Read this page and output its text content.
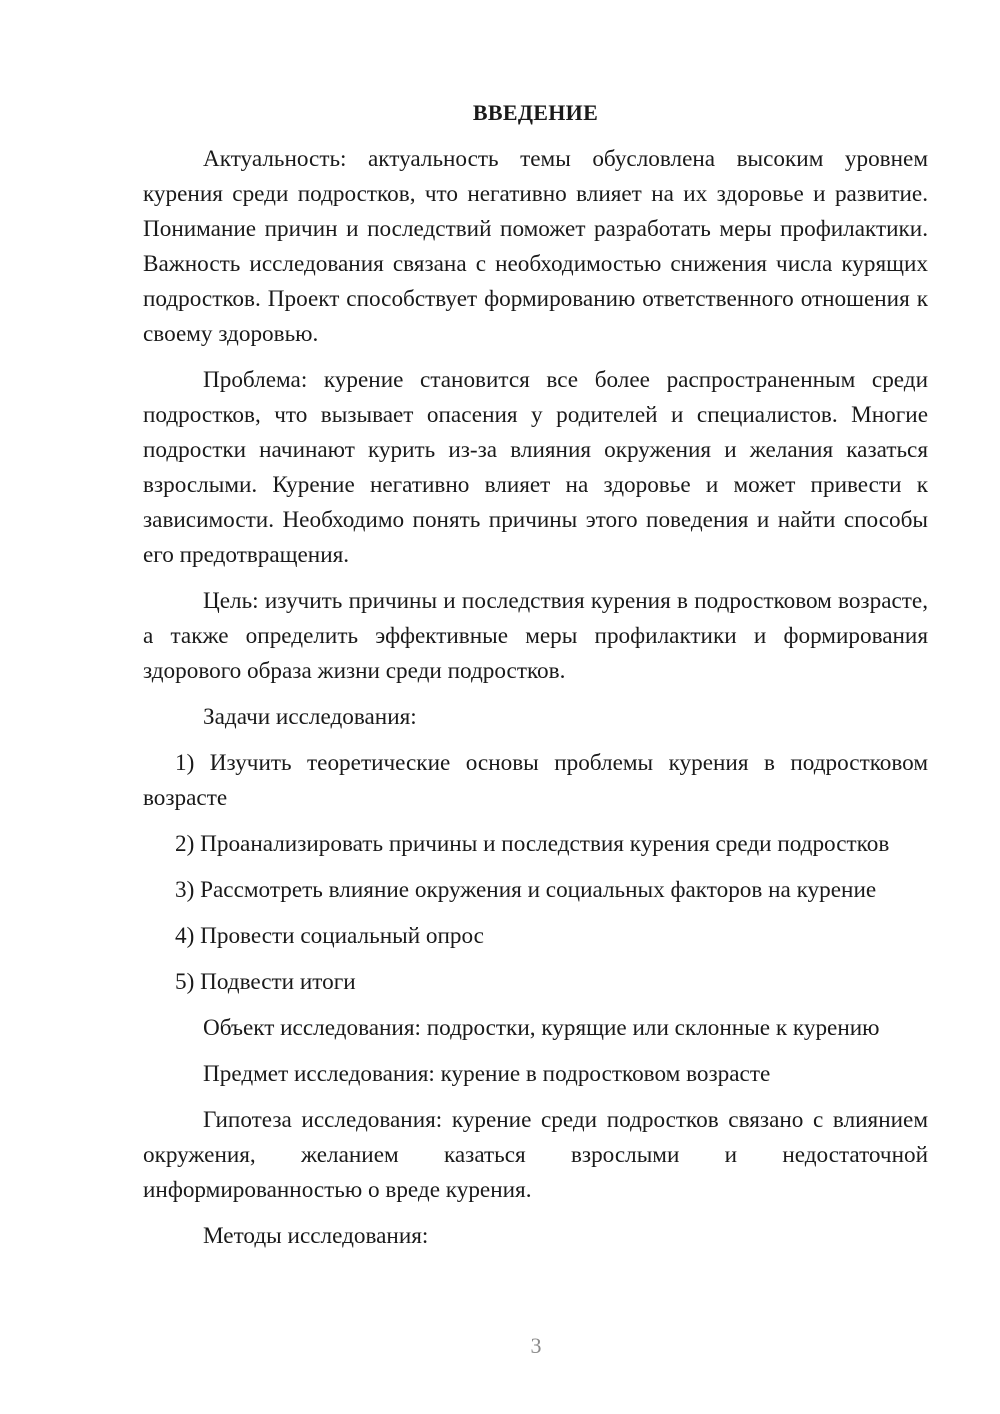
ВВЕДЕНИЕ

Актуальность: актуальность темы обусловлена высоким уровнем курения среди подростков, что негативно влияет на их здоровье и развитие. Понимание причин и последствий поможет разработать меры профилактики. Важность исследования связана с необходимостью снижения числа курящих подростков. Проект способствует формированию ответственного отношения к своему здоровью.

Проблема: курение становится все более распространенным среди подростков, что вызывает опасения у родителей и специалистов. Многие подростки начинают курить из-за влияния окружения и желания казаться взрослыми. Курение негативно влияет на здоровье и может привести к зависимости. Необходимо понять причины этого поведения и найти способы его предотвращения.

Цель: изучить причины и последствия курения в подростковом возрасте, а также определить эффективные меры профилактики и формирования здорового образа жизни среди подростков.

Задачи исследования:

1) Изучить теоретические основы проблемы курения в подростковом возрасте

2) Проанализировать причины и последствия курения среди подростков

3) Рассмотреть влияние окружения и социальных факторов на курение

4) Провести социальный опрос

5) Подвести итоги

Объект исследования: подростки, курящие или склонные к курению

Предмет исследования: курение в подростковом возрасте

Гипотеза исследования: курение среди подростков связано с влиянием окружения, желанием казаться взрослыми и недостаточной информированностью о вреде курения.

Методы исследования:

3
